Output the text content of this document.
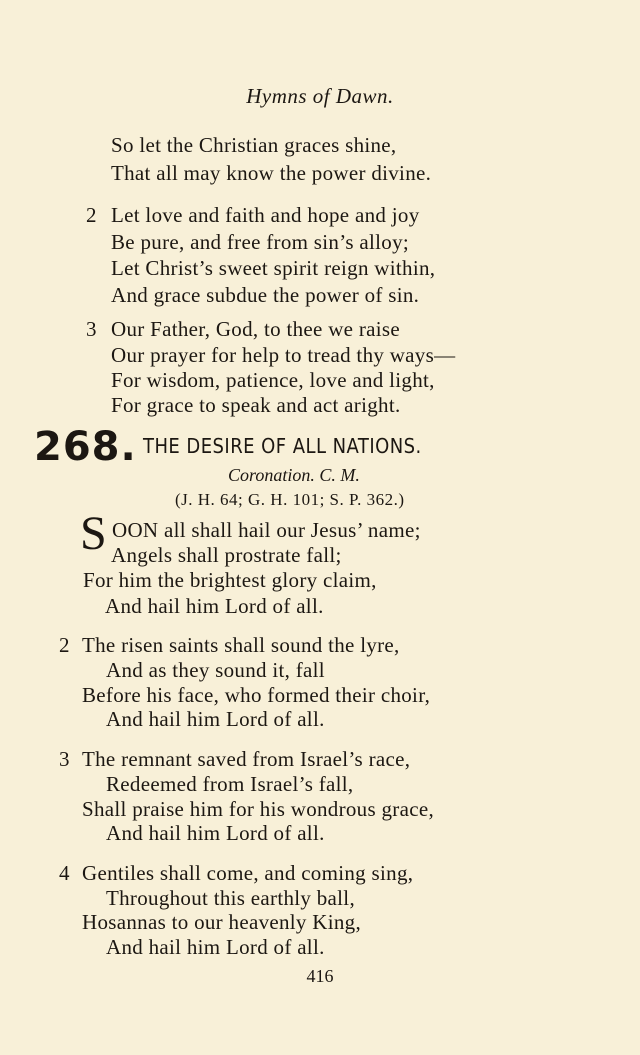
Hymns of Dawn.
So let the Christian graces shine,
That all may know the power divine.
2 Let love and faith and hope and joy
Be pure, and free from sin’s alloy;
Let Christ’s sweet spirit reign within,
And grace subdue the power of sin.
3 Our Father, God, to thee we raise
Our prayer for help to tread thy ways—
For wisdom, patience, love and light,
For grace to speak and act aright.
268. THE DESIRE OF ALL NATIONS.
Coronation. C. M.
(J. H. 64; G. H. 101; S. P. 362.)
S OON all shall hail our Jesus’ name;
Angels shall prostrate fall;
For him the brightest glory claim,
And hail him Lord of all.
2 The risen saints shall sound the lyre,
And as they sound it, fall
Before his face, who formed their choir,
And hail him Lord of all.
3 The remnant saved from Israel’s race,
Redeemed from Israel’s fall,
Shall praise him for his wondrous grace,
And hail him Lord of all.
4 Gentiles shall come, and coming sing,
Throughout this earthly ball,
Hosannas to our heavenly King,
And hail him Lord of all.
416
